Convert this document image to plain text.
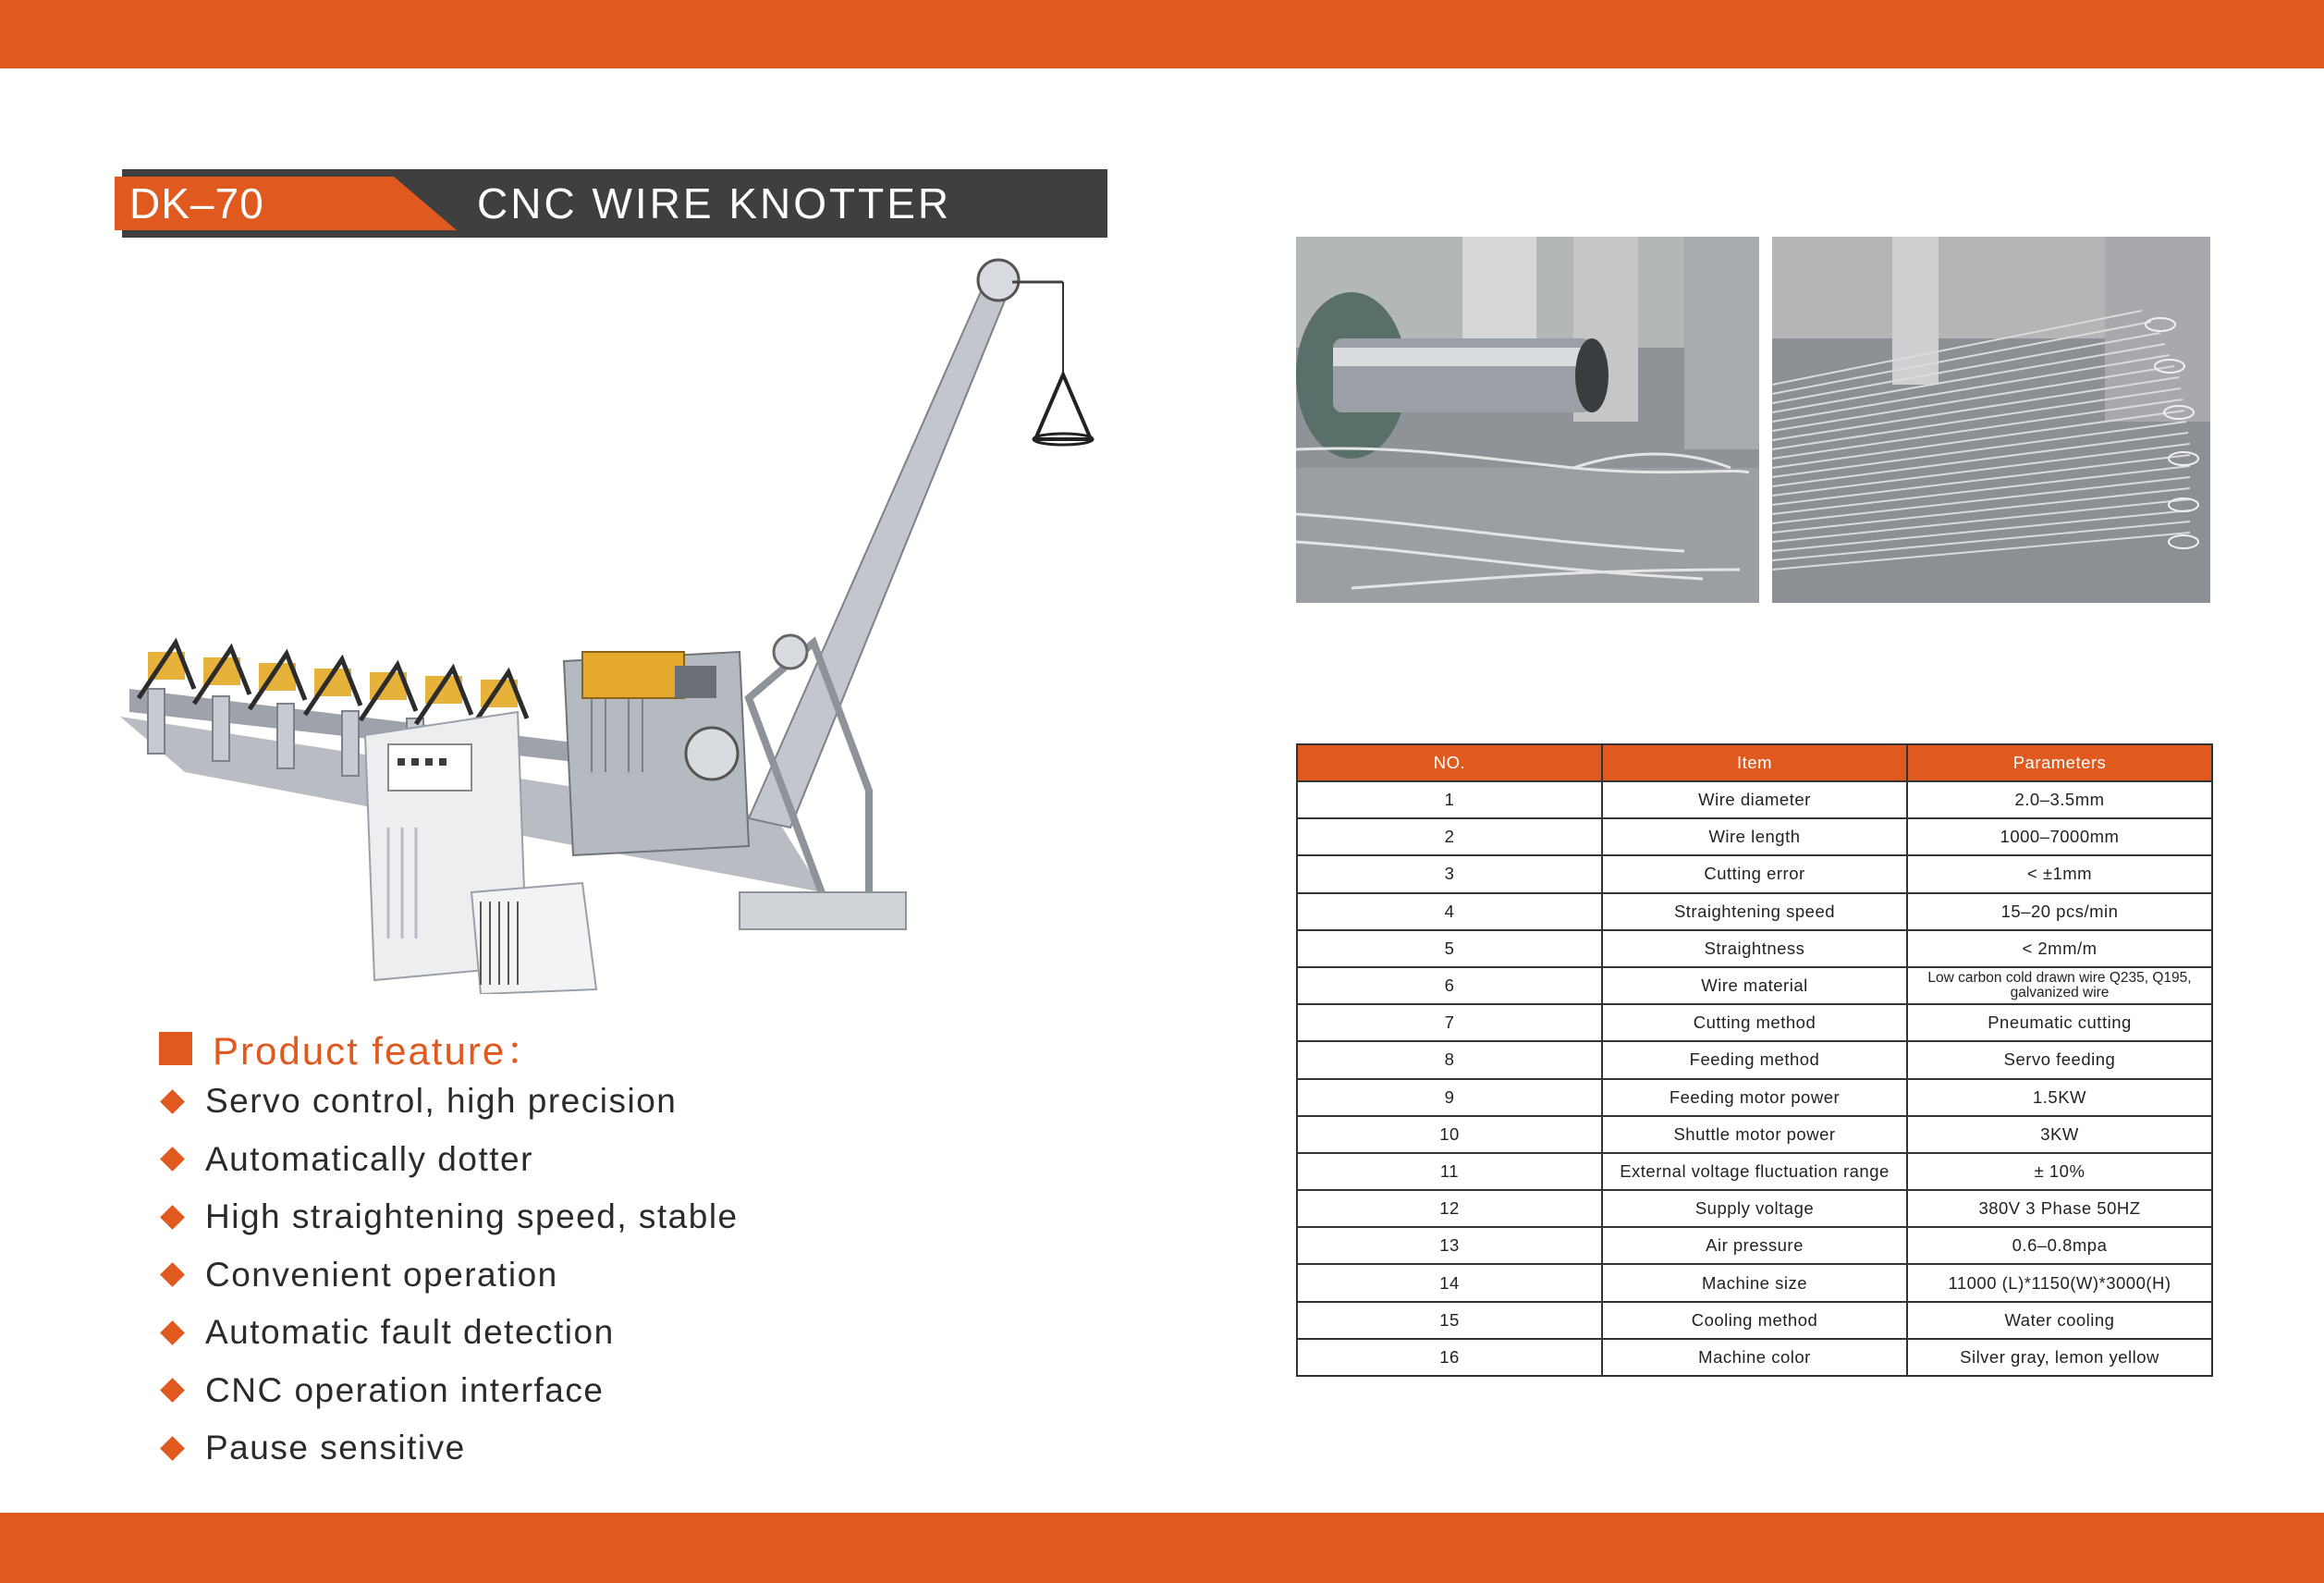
DK–70	CNC WIRE KNOTTER
Product feature：
Servo control, high precision
Automatically dotter
High straightening speed, stable
Convenient operation
Automatic fault detection
CNC operation interface
Pause sensitive
NO.	Item	Parameters
1	Wire diameter	2.0–3.5mm
2	Wire length	1000–7000mm
3	Cutting error	< ±1mm
4	Straightening speed	15–20 pcs/min
5	Straightness	< 2mm/m
6	Wire material	Low carbon cold drawn wire Q235, Q195, galvanized wire
7	Cutting method	Pneumatic cutting
8	Feeding method	Servo feeding
9	Feeding motor power	1.5KW
10	Shuttle motor power	3KW
11	External voltage fluctuation range	± 10%
12	Supply voltage	380V 3 Phase 50HZ
13	Air pressure	0.6–0.8mpa
14	Machine size	11000 (L)*1150(W)*3000(H)
15	Cooling method	Water cooling
16	Machine color	Silver gray, lemon yellow
